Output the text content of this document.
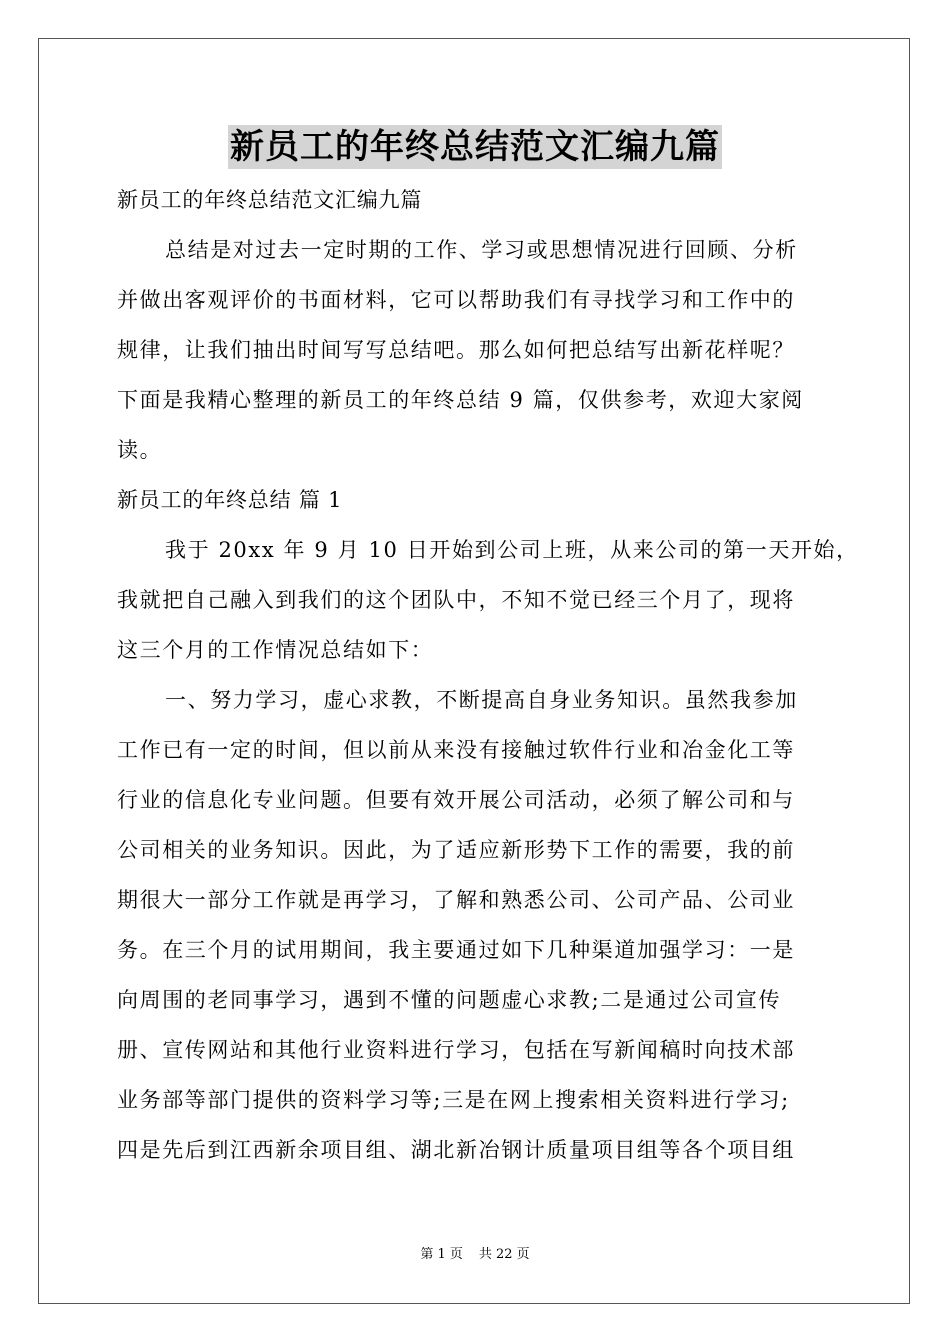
新员工的年终总结范文汇编九篇
新员工的年终总结范文汇编九篇
总结是对过去一定时期的工作、学习或思想情况进行回顾、分析
并做出客观评价的书面材料，它可以帮助我们有寻找学习和工作中的
规律，让我们抽出时间写写总结吧。那么如何把总结写出新花样呢？
下面是我精心整理的新员工的年终总结 9 篇，仅供参考，欢迎大家阅
读。
新员工的年终总结 篇 1
我于 20xx 年 9 月 10 日开始到公司上班，从来公司的第一天开始，
我就把自己融入到我们的这个团队中，不知不觉已经三个月了，现将
这三个月的工作情况总结如下：
一、努力学习，虚心求教，不断提高自身业务知识。虽然我参加
工作已有一定的时间，但以前从来没有接触过软件行业和冶金化工等
行业的信息化专业问题。但要有效开展公司活动，必须了解公司和与
公司相关的业务知识。因此，为了适应新形势下工作的需要，我的前
期很大一部分工作就是再学习，了解和熟悉公司、公司产品、公司业
务。在三个月的试用期间，我主要通过如下几种渠道加强学习：一是
向周围的老同事学习，遇到不懂的问题虚心求教;二是通过公司宣传
册、宣传网站和其他行业资料进行学习，包括在写新闻稿时向技术部
业务部等部门提供的资料学习等;三是在网上搜索相关资料进行学习;
四是先后到江西新余项目组、湖北新冶钢计质量项目组等各个项目组
第 1 页 共 22 页
